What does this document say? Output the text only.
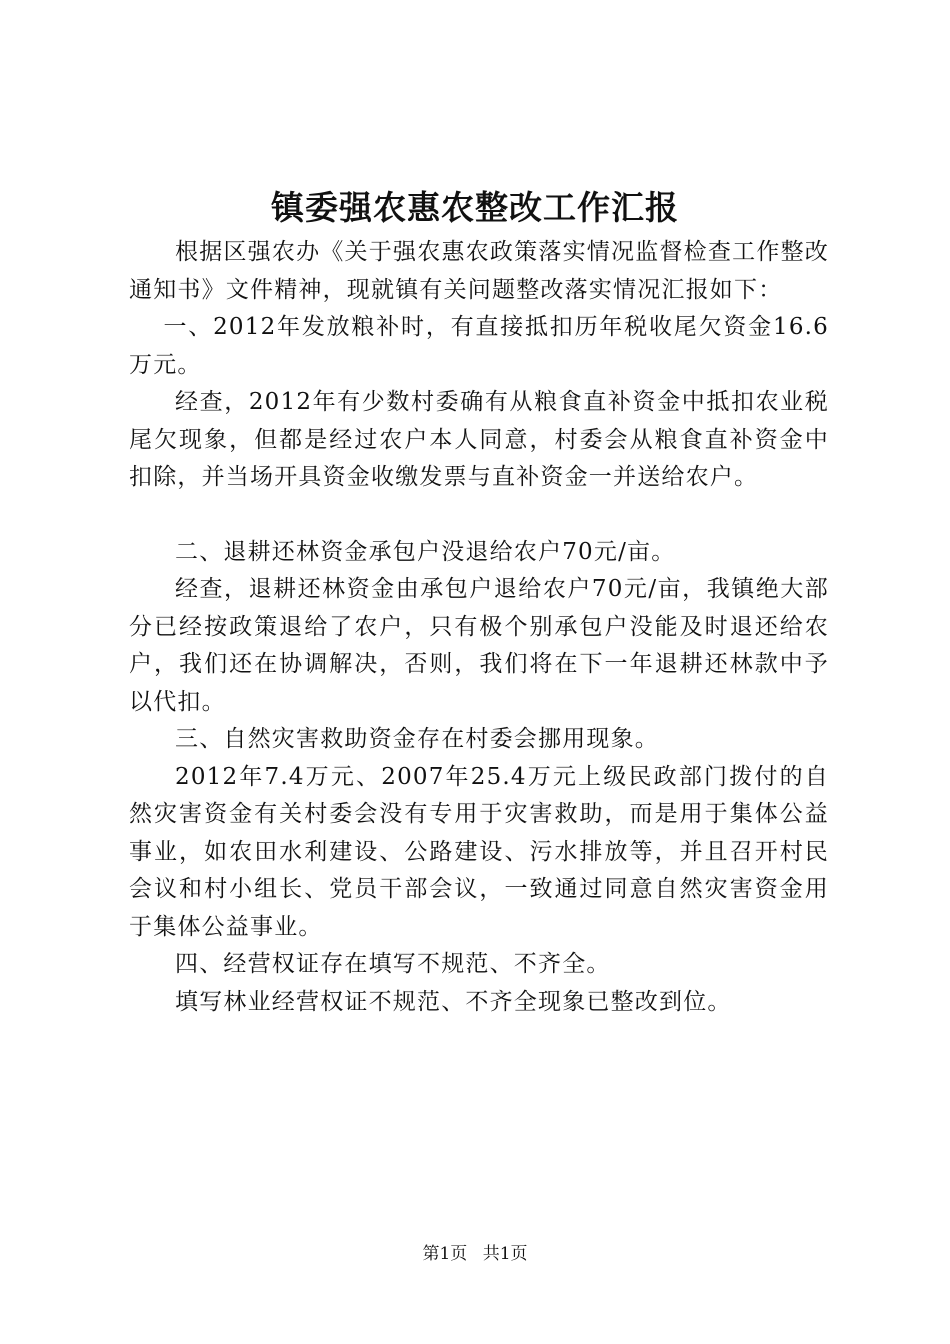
镇委强农惠农整改工作汇报

根据区强农办《关于强农惠农政策落实情况监督检查工作整改通知书》文件精神，现就镇有关问题整改落实情况汇报如下：

一、2012年发放粮补时，有直接抵扣历年税收尾欠资金16.6万元。

经查，2012年有少数村委确有从粮食直补资金中抵扣农业税尾欠现象，但都是经过农户本人同意，村委会从粮食直补资金中扣除，并当场开具资金收缴发票与直补资金一并送给农户。

二、退耕还林资金承包户没退给农户70元/亩。

经查，退耕还林资金由承包户退给农户70元/亩，我镇绝大部分已经按政策退给了农户，只有极个别承包户没能及时退还给农户，我们还在协调解决，否则，我们将在下一年退耕还林款中予以代扣。

三、自然灾害救助资金存在村委会挪用现象。

2012年7.4万元、2007年25.4万元上级民政部门拨付的自然灾害资金有关村委会没有专用于灾害救助，而是用于集体公益事业，如农田水利建设、公路建设、污水排放等，并且召开村民会议和村小组长、党员干部会议，一致通过同意自然灾害资金用于集体公益事业。

四、经营权证存在填写不规范、不齐全。

填写林业经营权证不规范、不齐全现象已整改到位。

第1页 共1页
